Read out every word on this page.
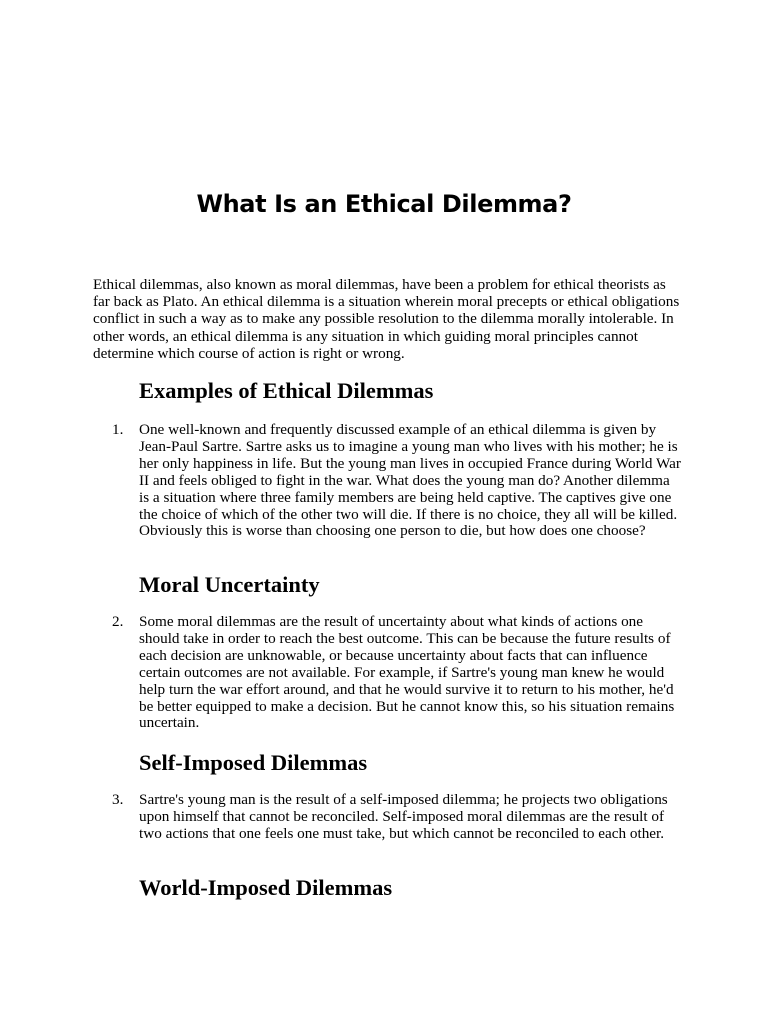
What Is an Ethical Dilemma?

Ethical dilemmas, also known as moral dilemmas, have been a problem for ethical theorists as far back as Plato. An ethical dilemma is a situation wherein moral precepts or ethical obligations conflict in such a way as to make any possible resolution to the dilemma morally intolerable. In other words, an ethical dilemma is any situation in which guiding moral principles cannot determine which course of action is right or wrong.

Examples of Ethical Dilemmas
1.	One well-known and frequently discussed example of an ethical dilemma is given by Jean-Paul Sartre. Sartre asks us to imagine a young man who lives with his mother; he is her only happiness in life. But the young man lives in occupied France during World War II and feels obliged to fight in the war. What does the young man do? Another dilemma is a situation where three family members are being held captive. The captives give one the choice of which of the other two will die. If there is no choice, they all will be killed. Obviously this is worse than choosing one person to die, but how does one choose?
Moral Uncertainty
2.	Some moral dilemmas are the result of uncertainty about what kinds of actions one should take in order to reach the best outcome. This can be because the future results of each decision are unknowable, or because uncertainty about facts that can influence certain outcomes are not available. For example, if Sartre's young man knew he would help turn the war effort around, and that he would survive it to return to his mother, he'd be better equipped to make a decision. But he cannot know this, so his situation remains uncertain.
Self-Imposed Dilemmas
3.	Sartre's young man is the result of a self-imposed dilemma; he projects two obligations upon himself that cannot be reconciled. Self-imposed moral dilemmas are the result of two actions that one feels one must take, but which cannot be reconciled to each other.
World-Imposed Dilemmas
